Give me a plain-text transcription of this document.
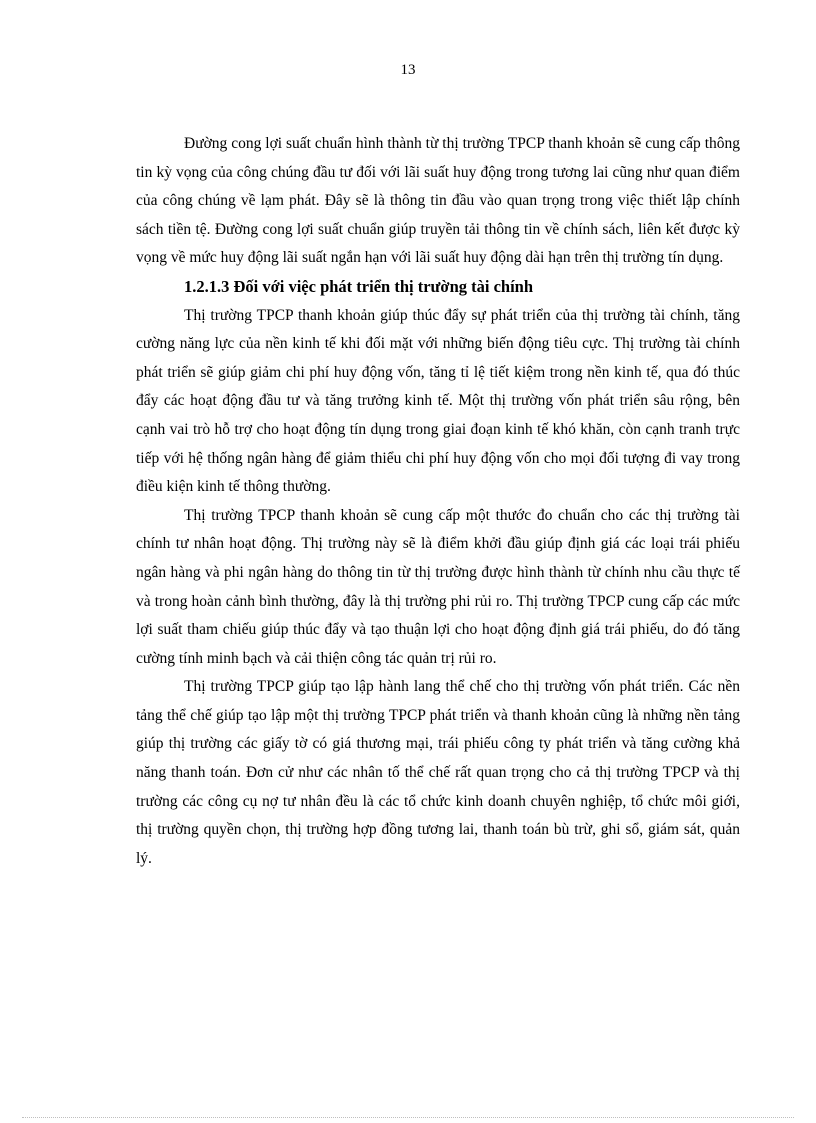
13

Đường cong lợi suất chuẩn hình thành từ thị trường TPCP thanh khoản sẽ cung cấp thông tin kỳ vọng của công chúng đầu tư đối với lãi suất huy động trong tương lai cũng như quan điểm của công chúng về lạm phát. Đây sẽ là thông tin đầu vào quan trọng trong việc thiết lập chính sách tiền tệ. Đường cong lợi suất chuẩn giúp truyền tải thông tin về chính sách, liên kết được kỳ vọng về mức huy động lãi suất ngắn hạn với lãi suất huy động dài hạn trên thị trường tín dụng.

1.2.1.3 Đối với việc phát triển thị trường tài chính

Thị trường TPCP thanh khoản giúp thúc đẩy sự phát triển của thị trường tài chính, tăng cường năng lực của nền kinh tế khi đối mặt với những biến động tiêu cực. Thị trường tài chính phát triển sẽ giúp giảm chi phí huy động vốn, tăng tỉ lệ tiết kiệm trong nền kinh tế, qua đó thúc đẩy các hoạt động đầu tư và tăng trưởng kinh tế. Một thị trường vốn phát triển sâu rộng, bên cạnh vai trò hỗ trợ cho hoạt động tín dụng trong giai đoạn kinh tế khó khăn, còn cạnh tranh trực tiếp với hệ thống ngân hàng để giảm thiểu chi phí huy động vốn cho mọi đối tượng đi vay trong điều kiện kinh tế thông thường.

Thị trường TPCP thanh khoản sẽ cung cấp một thước đo chuẩn cho các thị trường tài chính tư nhân hoạt động. Thị trường này sẽ là điểm khởi đầu giúp định giá các loại trái phiếu ngân hàng và phi ngân hàng do thông tin từ thị trường được hình thành từ chính nhu cầu thực tế và trong hoàn cảnh bình thường, đây là thị trường phi rủi ro. Thị trường TPCP cung cấp các mức lợi suất tham chiếu giúp thúc đẩy và tạo thuận lợi cho hoạt động định giá trái phiếu, do đó tăng cường tính minh bạch và cải thiện công tác quản trị rủi ro.

Thị trường TPCP giúp tạo lập hành lang thể chế cho thị trường vốn phát triển. Các nền tảng thể chế giúp tạo lập một thị trường TPCP phát triển và thanh khoản cũng là những nền tảng giúp thị trường các giấy tờ có giá thương mại, trái phiếu công ty phát triển và tăng cường khả năng thanh toán. Đơn cử như các nhân tố thể chế rất quan trọng cho cả thị trường TPCP và thị trường các công cụ nợ tư nhân đều là các tổ chức kinh doanh chuyên nghiệp, tổ chức môi giới, thị trường quyền chọn, thị trường hợp đồng tương lai, thanh toán bù trừ, ghi sổ, giám sát, quản lý.
